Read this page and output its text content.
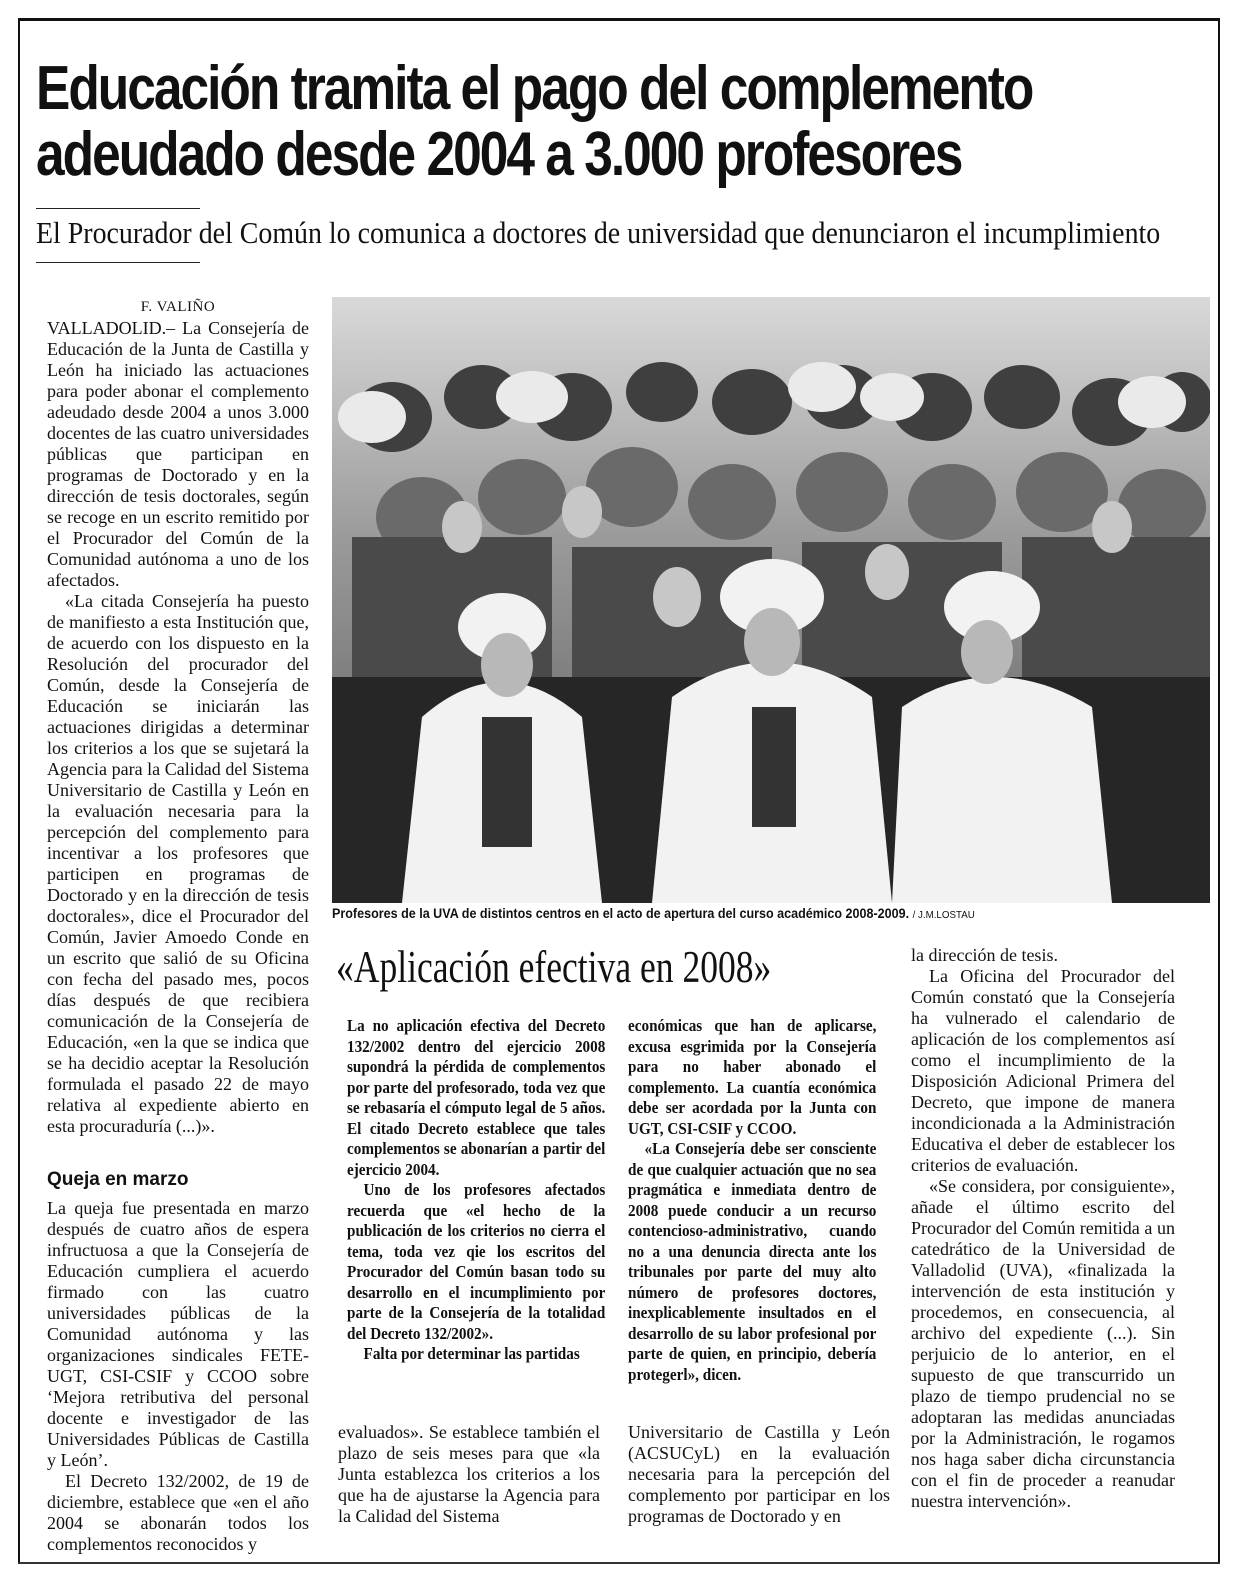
Educación tramita el pago del complemento
adeudado desde 2004 a 3.000 profesores
El Procurador del Común lo comunica a doctores de universidad que denunciaron el incumplimiento

F. VALIÑO

VALLADOLID.– La Consejería de Educación de la Junta de Castilla y León ha iniciado las actuaciones para poder abonar el complemento adeudado desde 2004 a unos 3.000 docentes de las cuatro universidades públicas que participan en programas de Doctorado y en la dirección de tesis doctorales, según se recoge en un escrito remitido por el Procurador del Común de la Comunidad autónoma a uno de los afectados.

«La citada Consejería ha puesto de manifiesto a esta Institución que, de acuerdo con los dispuesto en la Resolución del procurador del Común, desde la Consejería de Educación se iniciarán las actuaciones dirigidas a determinar los criterios a los que se sujetará la Agencia para la Calidad del Sistema Universitario de Castilla y León en la evaluación necesaria para la percepción del complemento para incentivar a los profesores que participen en programas de Doctorado y en la dirección de tesis doctorales», dice el Procurador del Común, Javier Amoedo Conde en un escrito que salió de su Oficina con fecha del pasado mes, pocos días después de que recibiera comunicación de la Consejería de Educación, «en la que se indica que se ha decidio aceptar la Resolución formulada el pasado 22 de mayo relativa al expediente abierto en esta procuraduría (...)».

Queja en marzo

La queja fue presentada en marzo después de cuatro años de espera infructuosa a que la Consejería de Educación cumpliera el acuerdo firmado con las cuatro universidades públicas de la Comunidad autónoma y las organizaciones sindicales FETE-UGT, CSI-CSIF y CCOO sobre ‘Mejora retributiva del personal docente e investigador de las Universidades Públicas de Castilla y León’.

El Decreto 132/2002, de 19 de diciembre, establece que «en el año 2004 se abonarán todos los complementos reconocidos y

Profesores de la UVA de distintos centros en el acto de apertura del curso académico 2008-2009. / J.M.LOSTAU
«Aplicación efectiva en 2008»

La no aplicación efectiva del Decreto 132/2002 dentro del ejercicio 2008 supondrá la pérdida de complementos por parte del profesorado, toda vez que se rebasaría el cómputo legal de 5 años. El citado Decreto establece que tales complementos se abonarían a partir del ejercicio 2004.

Uno de los profesores afectados recuerda que «el hecho de la publicación de los criterios no cierra el tema, toda vez qie los escritos del Procurador del Común basan todo su desarrollo en el incumplimiento por parte de la Consejería de la totalidad del Decreto 132/2002».

Falta por determinar las partidas

económicas que han de aplicarse, excusa esgrimida por la Consejería para no haber abonado el complemento. La cuantía económica debe ser acordada por la Junta con UGT, CSI-CSIF y CCOO.

«La Consejería debe ser consciente de que cualquier actuación que no sea pragmática e inmediata dentro de 2008 puede conducir a un recurso contencioso-administrativo, cuando no a una denuncia directa ante los tribunales por parte del muy alto número de profesores doctores, inexplicablemente insultados en el desarrollo de su labor profesional por parte de quien, en principio, debería protegerl», dicen.

la dirección de tesis.

La Oficina del Procurador del Común constató que la Consejería ha vulnerado el calendario de aplicación de los complementos así como el incumplimiento de la Disposición Adicional Primera del Decreto, que impone de manera incondicionada a la Administración Educativa el deber de establecer los criterios de evaluación.

«Se considera, por consiguiente», añade el último escrito del Procurador del Común remitida a un catedrático de la Universidad de Valladolid (UVA), «finalizada la intervención de esta institución y procedemos, en consecuencia, al archivo del expediente (...). Sin perjuicio de lo anterior, en el supuesto de que transcurrido un plazo de tiempo prudencial no se adoptaran las medidas anunciadas por la Administración, le rogamos nos haga saber dicha circunstancia con el fin de proceder a reanudar nuestra intervención».

evaluados». Se establece también el plazo de seis meses para que «la Junta establezca los criterios a los que ha de ajustarse la Agencia para la Calidad del Sistema

Universitario de Castilla y León (ACSUCyL) en la evaluación necesaria para la percepción del complemento por participar en los programas de Doctorado y en
